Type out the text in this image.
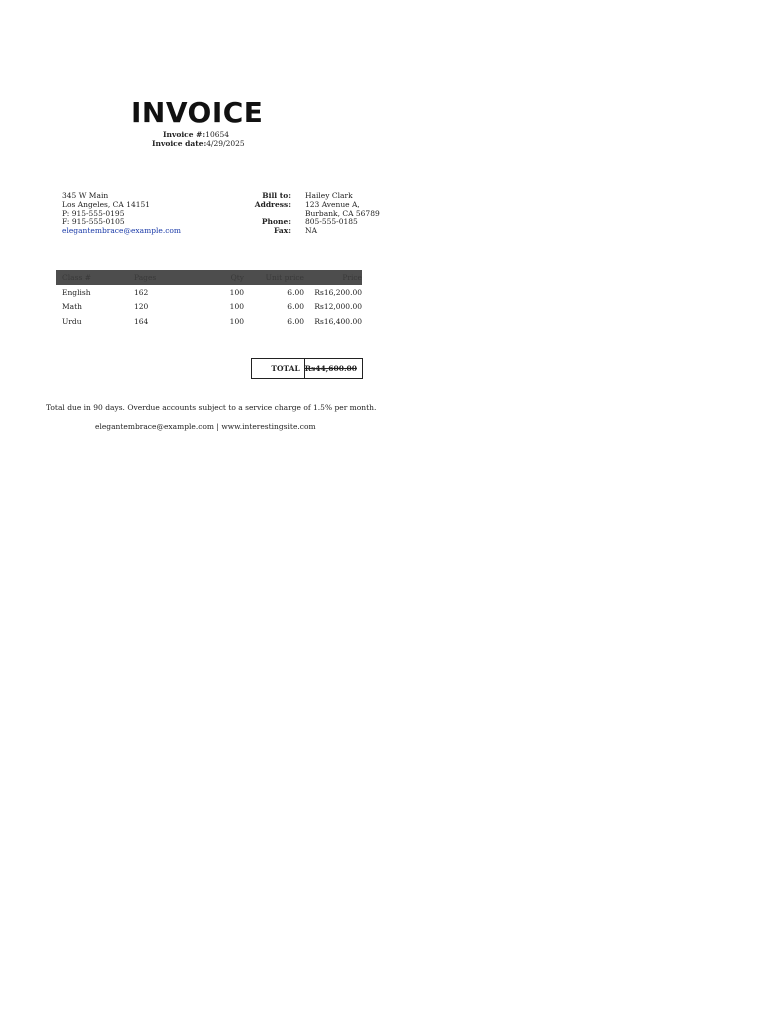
INVOICE
Invoice #:10654
Invoice date:4/29/2025
345 W Main
Los Angeles, CA 14151
P: 915-555-0195
F: 915-555-0105
elegantembrace@example.com
Bill to: Hailey Clark
Address: 123 Avenue A,
Burbank, CA 56789
Phone: 805-555-0185
Fax: NA
Class #	Pages	Qty	Unit price	Price
English	162	100	6.00	Rs16,200.00
Math	120	100	6.00	Rs12,000.00
Urdu	164	100	6.00	Rs16,400.00
TOTAL Rs44,600.00
Total due in 90 days. Overdue accounts subject to a service charge of 1.5% per month.
elegantembrace@example.com | www.interestingsite.com
